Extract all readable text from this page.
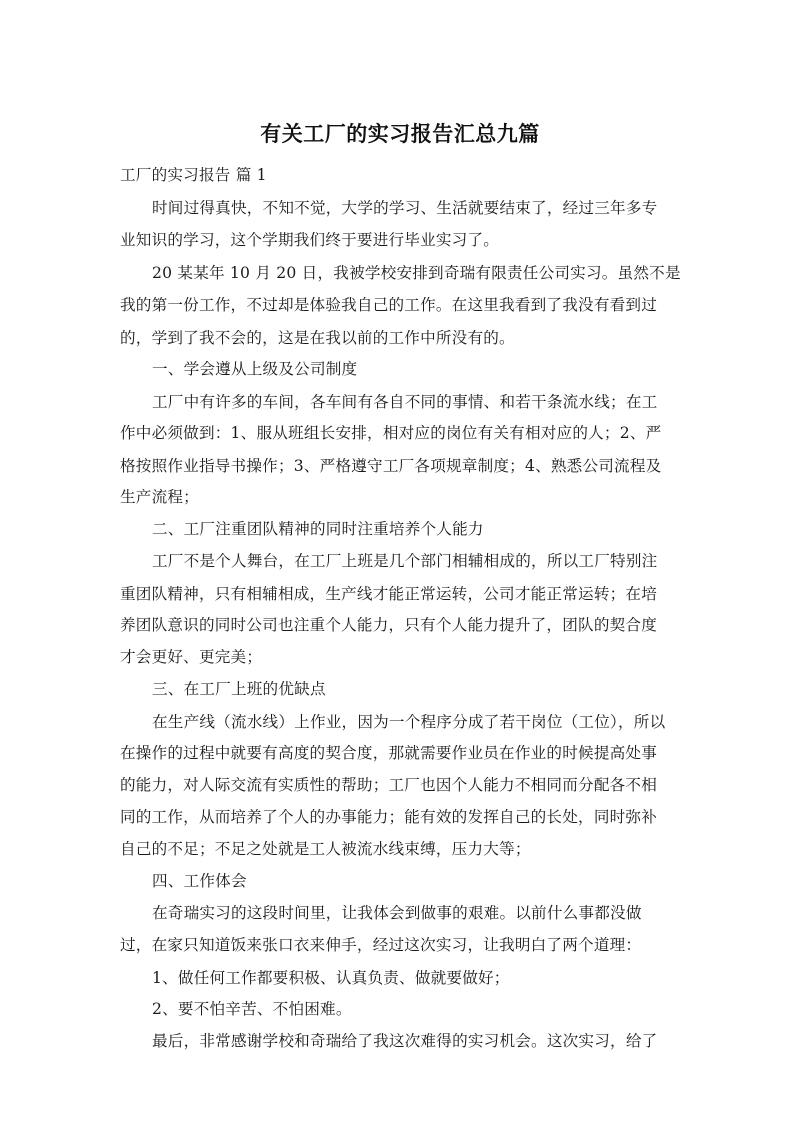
有关工厂的实习报告汇总九篇
工厂的实习报告 篇 1
时间过得真快，不知不觉，大学的学习、生活就要结束了，经过三年多专
业知识的学习，这个学期我们终于要进行毕业实习了。
20 某某年 10 月 20 日，我被学校安排到奇瑞有限责任公司实习。虽然不是
我的第一份工作，不过却是体验我自己的工作。在这里我看到了我没有看到过
的，学到了我不会的，这是在我以前的工作中所没有的。
一、学会遵从上级及公司制度
工厂中有许多的车间，各车间有各自不同的事情、和若干条流水线；在工
作中必须做到：1、服从班组长安排，相对应的岗位有关有相对应的人；2、严
格按照作业指导书操作；3、严格遵守工厂各项规章制度；4、熟悉公司流程及
生产流程；
二、工厂注重团队精神的同时注重培养个人能力
工厂不是个人舞台，在工厂上班是几个部门相辅相成的，所以工厂特别注
重团队精神，只有相辅相成，生产线才能正常运转，公司才能正常运转；在培
养团队意识的同时公司也注重个人能力，只有个人能力提升了，团队的契合度
才会更好、更完美；
三、在工厂上班的优缺点
在生产线（流水线）上作业，因为一个程序分成了若干岗位（工位），所以
在操作的过程中就要有高度的契合度，那就需要作业员在作业的时候提高处事
的能力，对人际交流有实质性的帮助；工厂也因个人能力不相同而分配各不相
同的工作，从而培养了个人的办事能力；能有效的发挥自己的长处，同时弥补
自己的不足；不足之处就是工人被流水线束缚，压力大等；
四、工作体会
在奇瑞实习的这段时间里，让我体会到做事的艰难。以前什么事都没做
过，在家只知道饭来张口衣来伸手，经过这次实习，让我明白了两个道理：
1、做任何工作都要积极、认真负责、做就要做好；
2、要不怕辛苦、不怕困难。
最后，非常感谢学校和奇瑞给了我这次难得的实习机会。这次实习，给了
